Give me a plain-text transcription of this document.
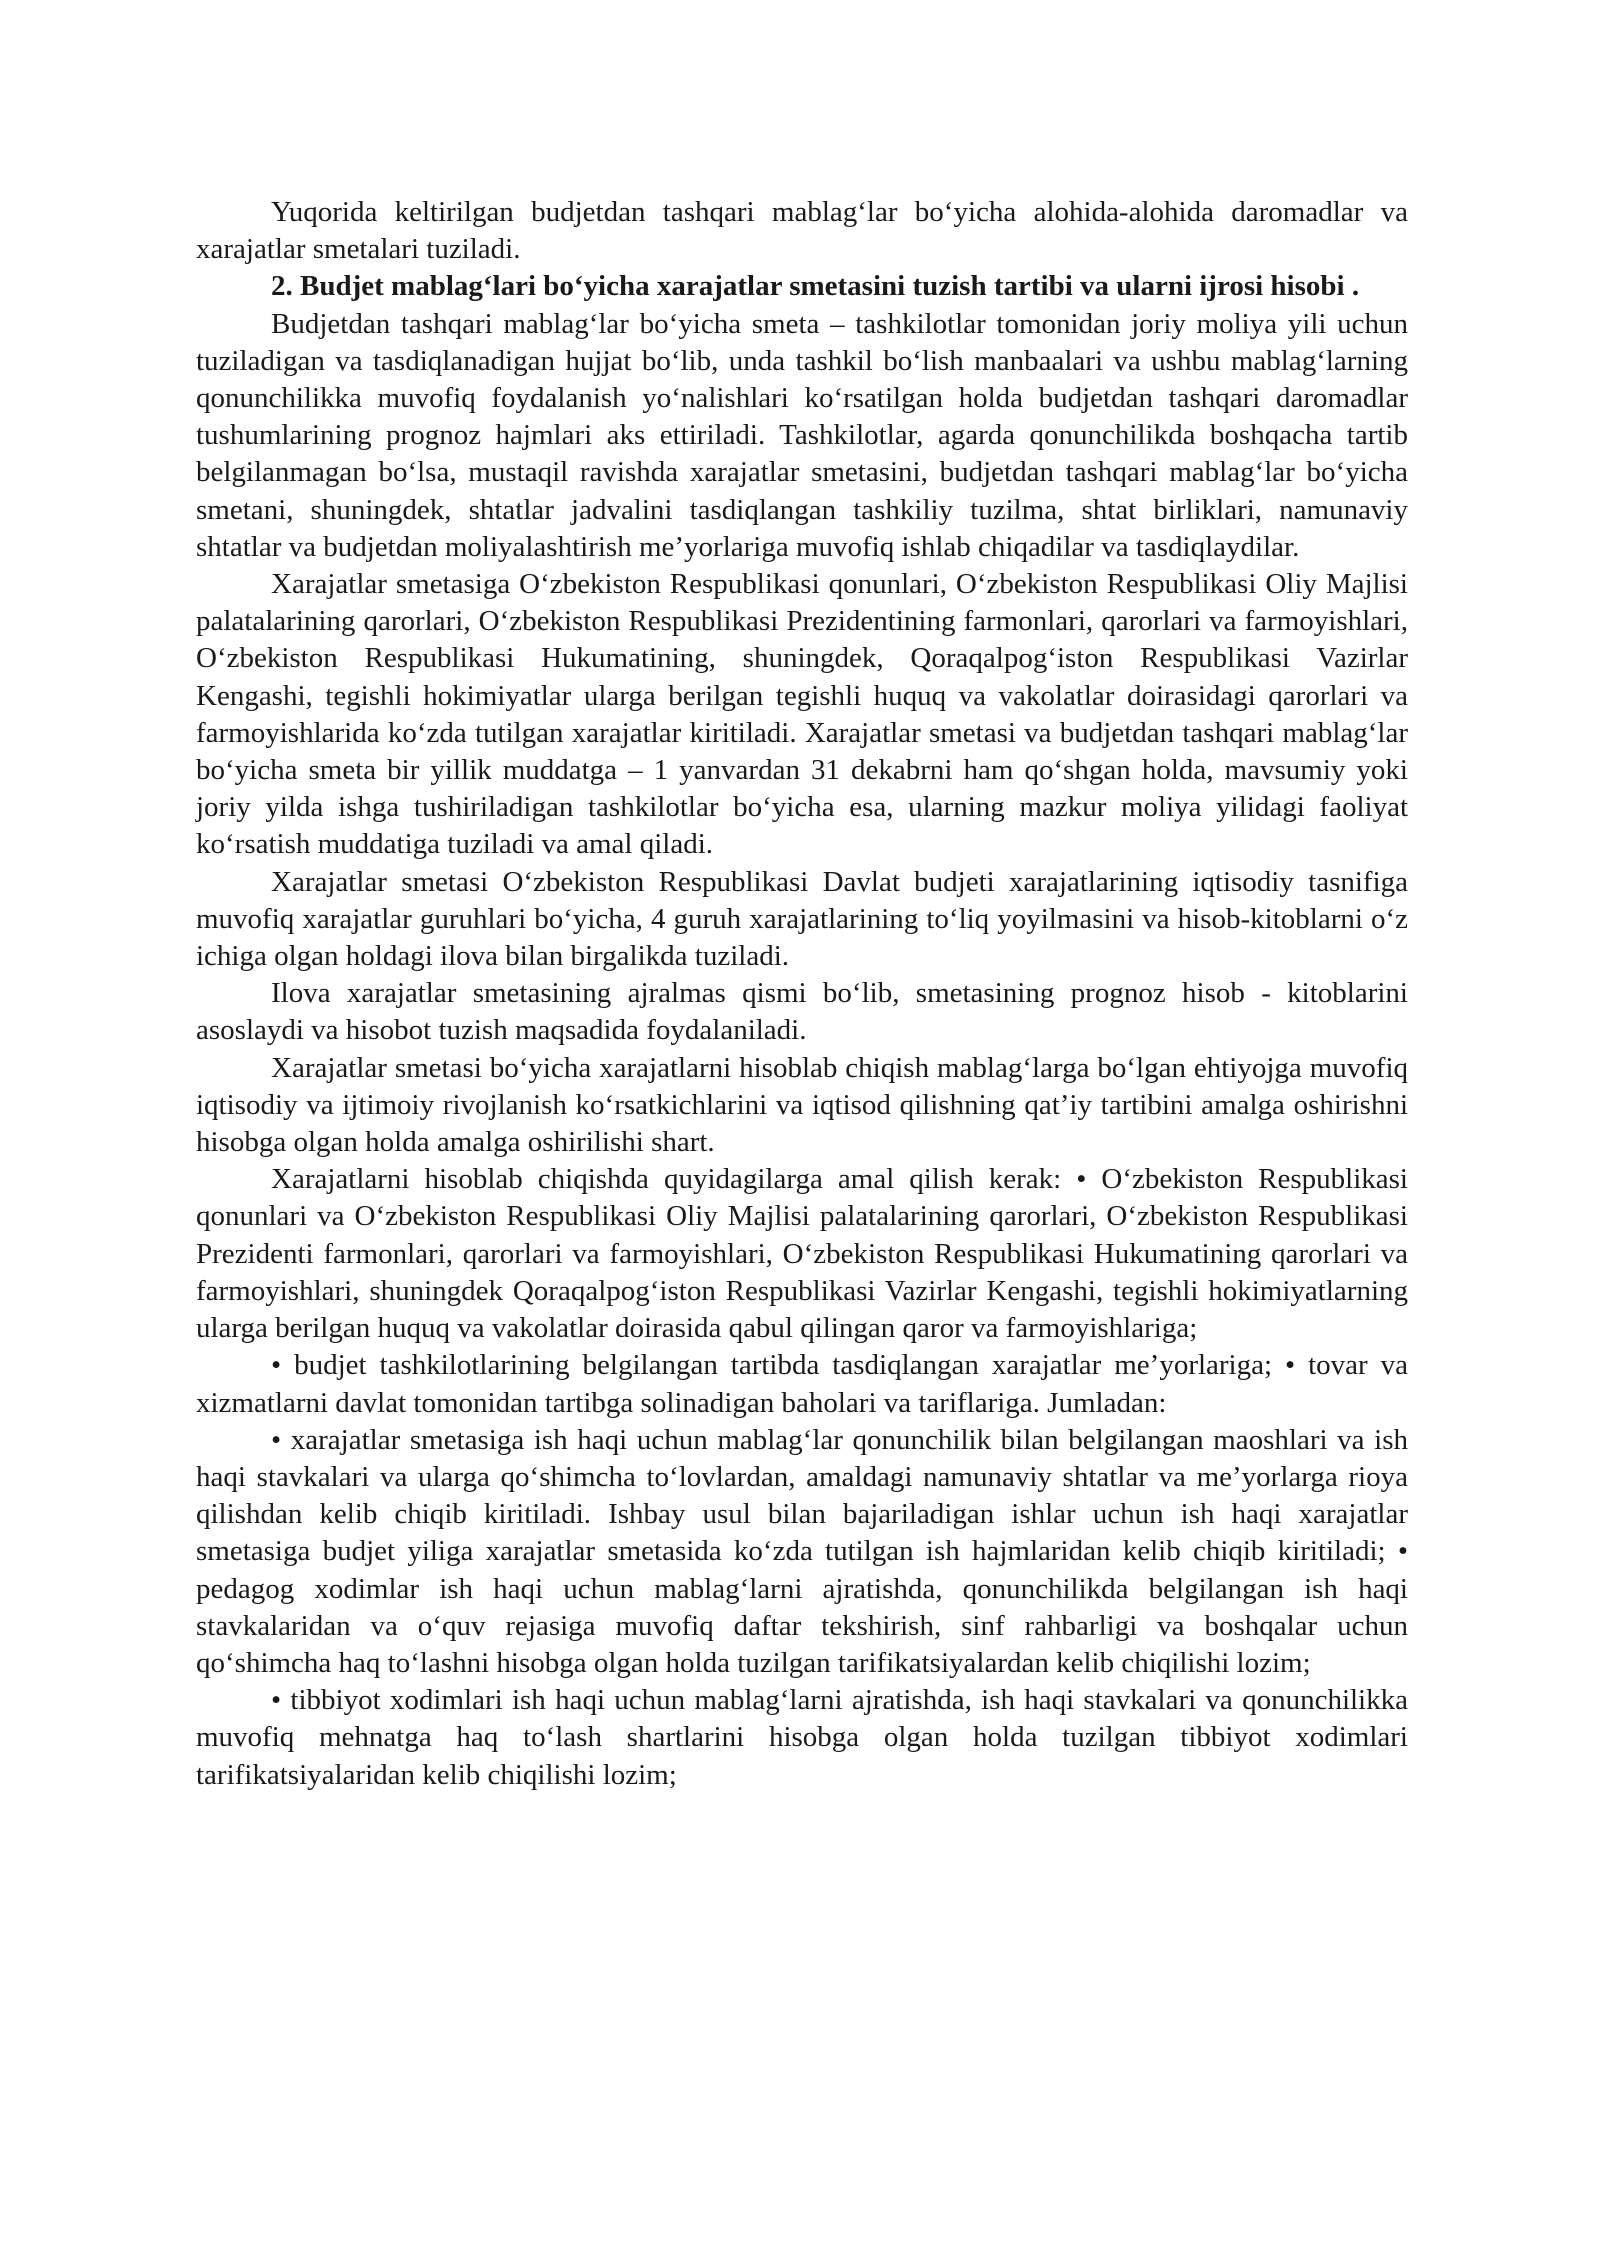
Yuqorida keltirilgan budjetdan tashqari mablag‘lar bo‘yicha alohida-alohida daromadlar va xarajatlar smetalari tuziladi.

2. Budjet mablag‘lari bo‘yicha xarajatlar smetasini tuzish tartibi va ularni ijrosi hisobi .

Budjetdan tashqari mablag‘lar bo‘yicha smeta – tashkilotlar tomonidan joriy moliya yili uchun tuziladigan va tasdiqlanadigan hujjat bo‘lib, unda tashkil bo‘lish manbaalari va ushbu mablag‘larning qonunchilikka muvofiq foydalanish yo‘nalishlari ko‘rsatilgan holda budjetdan tashqari daromadlar tushumlarining prognoz hajmlari aks ettiriladi. Tashkilotlar, agarda qonunchilikda boshqacha tartib belgilanmagan bo‘lsa, mustaqil ravishda xarajatlar smetasini, budjetdan tashqari mablag‘lar bo‘yicha smetani, shuningdek, shtatlar jadvalini tasdiqlangan tashkiliy tuzilma, shtat birliklari, namunaviy shtatlar va budjetdan moliyalashtirish me’yorlariga muvofiq ishlab chiqadilar va tasdiqlaydilar.

Xarajatlar smetasiga O‘zbekiston Respublikasi qonunlari, O‘zbekiston Respublikasi Oliy Majlisi palatalarining qarorlari, O‘zbekiston Respublikasi Prezidentining farmonlari, qarorlari va farmoyishlari, O‘zbekiston Respublikasi Hukumatining, shuningdek, Qoraqalpog‘iston Respublikasi Vazirlar Kengashi, tegishli hokimiyatlar ularga berilgan tegishli huquq va vakolatlar doirasidagi qarorlari va farmoyishlarida ko‘zda tutilgan xarajatlar kiritiladi. Xarajatlar smetasi va budjetdan tashqari mablag‘lar bo‘yicha smeta bir yillik muddatga – 1 yanvardan 31 dekabrni ham qo‘shgan holda, mavsumiy yoki joriy yilda ishga tushiriladigan tashkilotlar bo‘yicha esa, ularning mazkur moliya yilidagi faoliyat ko‘rsatish muddatiga tuziladi va amal qiladi.

Xarajatlar smetasi O‘zbekiston Respublikasi Davlat budjeti xarajatlarining iqtisodiy tasnifiga muvofiq xarajatlar guruhlari bo‘yicha, 4 guruh xarajatlarining to‘liq yoyilmasini va hisob-kitoblarni o‘z ichiga olgan holdagi ilova bilan birgalikda tuziladi.

Ilova xarajatlar smetasining ajralmas qismi bo‘lib, smetasining prognoz hisob - kitoblarini asoslaydi va hisobot tuzish maqsadida foydalaniladi.

Xarajatlar smetasi bo‘yicha xarajatlarni hisoblab chiqish mablag‘larga bo‘lgan ehtiyojga muvofiq iqtisodiy va ijtimoiy rivojlanish ko‘rsatkichlarini va iqtisod qilishning qat’iy tartibini amalga oshirishni hisobga olgan holda amalga oshirilishi shart.

Xarajatlarni hisoblab chiqishda quyidagilarga amal qilish kerak: • O‘zbekiston Respublikasi qonunlari va O‘zbekiston Respublikasi Oliy Majlisi palatalarining qarorlari, O‘zbekiston Respublikasi Prezidenti farmonlari, qarorlari va farmoyishlari, O‘zbekiston Respublikasi Hukumatining qarorlari va farmoyishlari, shuningdek Qoraqalpog‘iston Respublikasi Vazirlar Kengashi, tegishli hokimiyatlarning ularga berilgan huquq va vakolatlar doirasida qabul qilingan qaror va farmoyishlariga;

• budjet tashkilotlarining belgilangan tartibda tasdiqlangan xarajatlar me’yorlariga; • tovar va xizmatlarni davlat tomonidan tartibga solinadigan baholari va tariflariga. Jumladan:

• xarajatlar smetasiga ish haqi uchun mablag‘lar qonunchilik bilan belgilangan maoshlari va ish haqi stavkalari va ularga qo‘shimcha to‘lovlardan, amaldagi namunaviy shtatlar va me’yorlarga rioya qilishdan kelib chiqib kiritiladi. Ishbay usul bilan bajariladigan ishlar uchun ish haqi xarajatlar smetasiga budjet yiliga xarajatlar smetasida ko‘zda tutilgan ish hajmlaridan kelib chiqib kiritiladi; • pedagog xodimlar ish haqi uchun mablag‘larni ajratishda, qonunchilikda belgilangan ish haqi stavkalaridan va o‘quv rejasiga muvofiq daftar tekshirish, sinf rahbarligi va boshqalar uchun qo‘shimcha haq to‘lashni hisobga olgan holda tuzilgan tarifikatsiyalardan kelib chiqilishi lozim;

• tibbiyot xodimlari ish haqi uchun mablag‘larni ajratishda, ish haqi stavkalari va qonunchilikka muvofiq mehnatga haq to‘lash shartlarini hisobga olgan holda tuzilgan tibbiyot xodimlari tarifikatsiyalaridan kelib chiqilishi lozim;
